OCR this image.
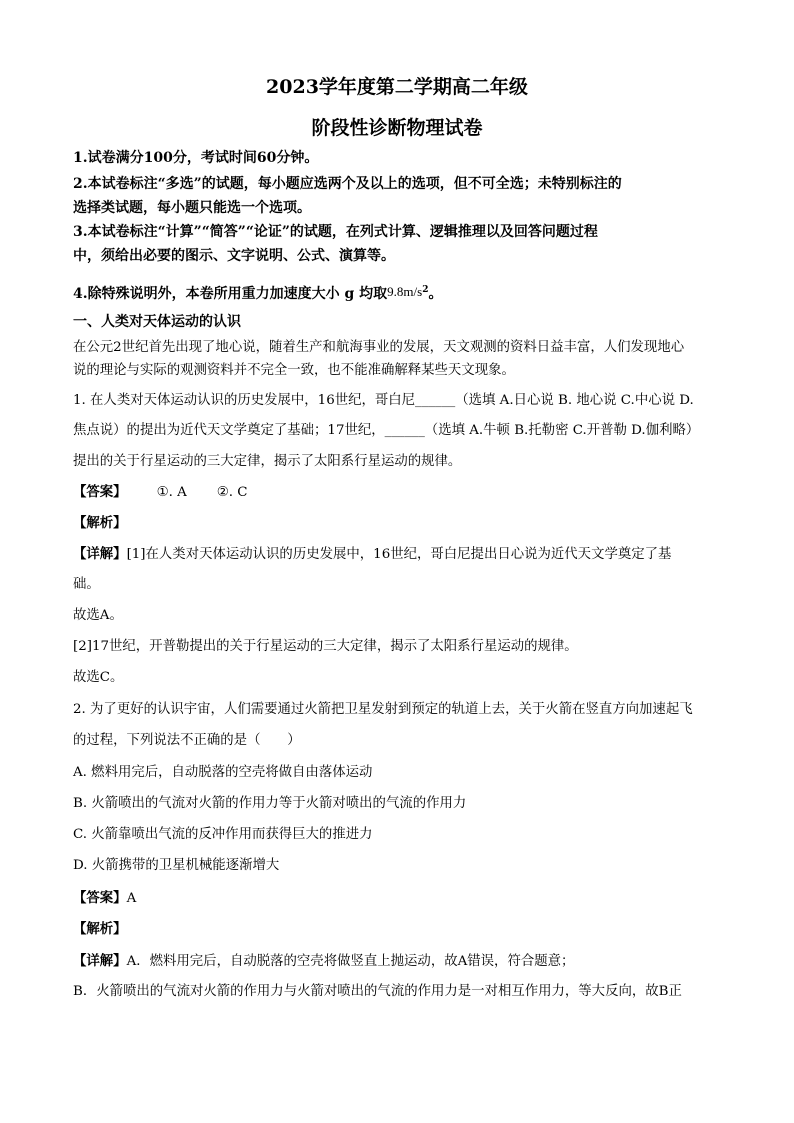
2023学年度第二学期高二年级
阶段性诊断物理试卷
1.试卷满分100分，考试时间60分钟。
2.本试卷标注“多选”的试题，每小题应选两个及以上的选项，但不可全选；未特别标注的
选择类试题，每小题只能选一个选项。
3.本试卷标注“计算”“简答”“论证”的试题，在列式计算、逻辑推理以及回答问题过程
中，须给出必要的图示、文字说明、公式、演算等。
4.除特殊说明外，本卷所用重力加速度大小 g 均取$9.8m/s^2$。
一、人类对天体运动的认识
在公元2世纪首先出现了地心说，随着生产和航海事业的发展，天文观测的资料日益丰富，人们发现地心
说的理论与实际的观测资料并不完全一致，也不能准确解释某些天文现象。
1. 在人类对天体运动认识的历史发展中，16世纪，哥白尼______（选填 A.日心说 B. 地心说 C.中心说 D.
焦点说）的提出为近代天文学奠定了基础；17世纪，______（选填 A.牛顿 B.托勒密 C.开普勒 D.伽利略）
提出的关于行星运动的三大定律，揭示了太阳系行星运动的规律。
【答案】 ①. A ②. C
【解析】
【详解】[1]在人类对天体运动认识的历史发展中，16世纪，哥白尼提出日心说为近代天文学奠定了基
础。
故选A。
[2]17世纪，开普勒提出的关于行星运动的三大定律，揭示了太阳系行星运动的规律。
故选C。
2. 为了更好的认识宇宙，人们需要通过火箭把卫星发射到预定的轨道上去，关于火箭在竖直方向加速起飞
的过程，下列说法不正确的是（　　）
A. 燃料用完后，自动脱落的空壳将做自由落体运动
B. 火箭喷出的气流对火箭的作用力等于火箭对喷出的气流的作用力
C. 火箭靠喷出气流的反冲作用而获得巨大的推进力
D. 火箭携带的卫星机械能逐渐增大
【答案】A
【解析】
【详解】A．燃料用完后，自动脱落的空壳将做竖直上抛运动，故A错误，符合题意；
B．火箭喷出的气流对火箭的作用力与火箭对喷出的气流的作用力是一对相互作用力，等大反向，故B正
